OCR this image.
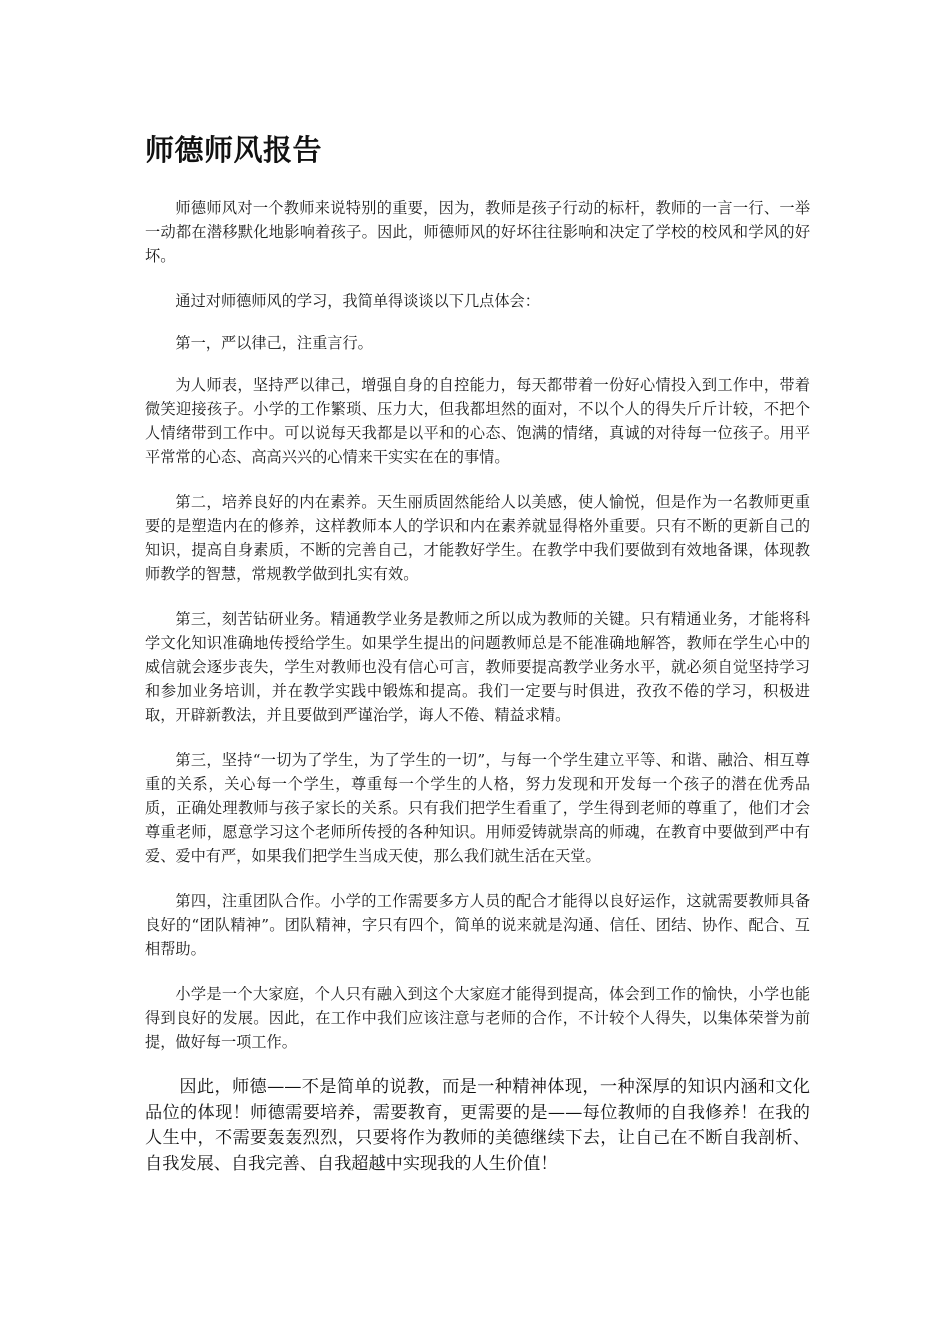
师德师风报告

师德师风对一个教师来说特别的重要，因为，教师是孩子行动的标杆，教师的一言一行、一举一动都在潜移默化地影响着孩子。因此，师德师风的好坏往往影响和决定了学校的校风和学风的好坏。

通过对师德师风的学习，我简单得谈谈以下几点体会：

第一，严以律己，注重言行。

为人师表，坚持严以律己，增强自身的自控能力，每天都带着一份好心情投入到工作中，带着微笑迎接孩子。小学的工作繁琐、压力大，但我都坦然的面对，不以个人的得失斤斤计较，不把个人情绪带到工作中。可以说每天我都是以平和的心态、饱满的情绪，真诚的对待每一位孩子。用平平常常的心态、高高兴兴的心情来干实实在在的事情。

第二，培养良好的内在素养。天生丽质固然能给人以美感，使人愉悦，但是作为一名教师更重要的是塑造内在的修养，这样教师本人的学识和内在素养就显得格外重要。只有不断的更新自己的知识，提高自身素质，不断的完善自己，才能教好学生。在教学中我们要做到有效地备课，体现教师教学的智慧，常规教学做到扎实有效。

第三，刻苦钻研业务。精通教学业务是教师之所以成为教师的关键。只有精通业务，才能将科学文化知识准确地传授给学生。如果学生提出的问题教师总是不能准确地解答，教师在学生心中的威信就会逐步丧失，学生对教师也没有信心可言，教师要提高教学业务水平，就必须自觉坚持学习和参加业务培训，并在教学实践中锻炼和提高。我们一定要与时俱进，孜孜不倦的学习，积极进取，开辟新教法，并且要做到严谨治学，诲人不倦、精益求精。

第三，坚持“一切为了学生，为了学生的一切”，与每一个学生建立平等、和谐、融洽、相互尊重的关系，关心每一个学生，尊重每一个学生的人格，努力发现和开发每一个孩子的潜在优秀品质，正确处理教师与孩子家长的关系。只有我们把学生看重了，学生得到老师的尊重了，他们才会尊重老师，愿意学习这个老师所传授的各种知识。用师爱铸就崇高的师魂，在教育中要做到严中有爱、爱中有严，如果我们把学生当成天使，那么我们就生活在天堂。

第四，注重团队合作。小学的工作需要多方人员的配合才能得以良好运作，这就需要教师具备良好的“团队精神”。团队精神，字只有四个，简单的说来就是沟通、信任、团结、协作、配合、互相帮助。

小学是一个大家庭，个人只有融入到这个大家庭才能得到提高，体会到工作的愉快，小学也能得到良好的发展。因此，在工作中我们应该注意与老师的合作，不计较个人得失，以集体荣誉为前提，做好每一项工作。

因此，师德——不是简单的说教，而是一种精神体现，一种深厚的知识内涵和文化品位的体现！师德需要培养，需要教育，更需要的是——每位教师的自我修养！在我的人生中，不需要轰轰烈烈，只要将作为教师的美德继续下去，让自己在不断自我剖析、自我发展、自我完善、自我超越中实现我的人生价值！
